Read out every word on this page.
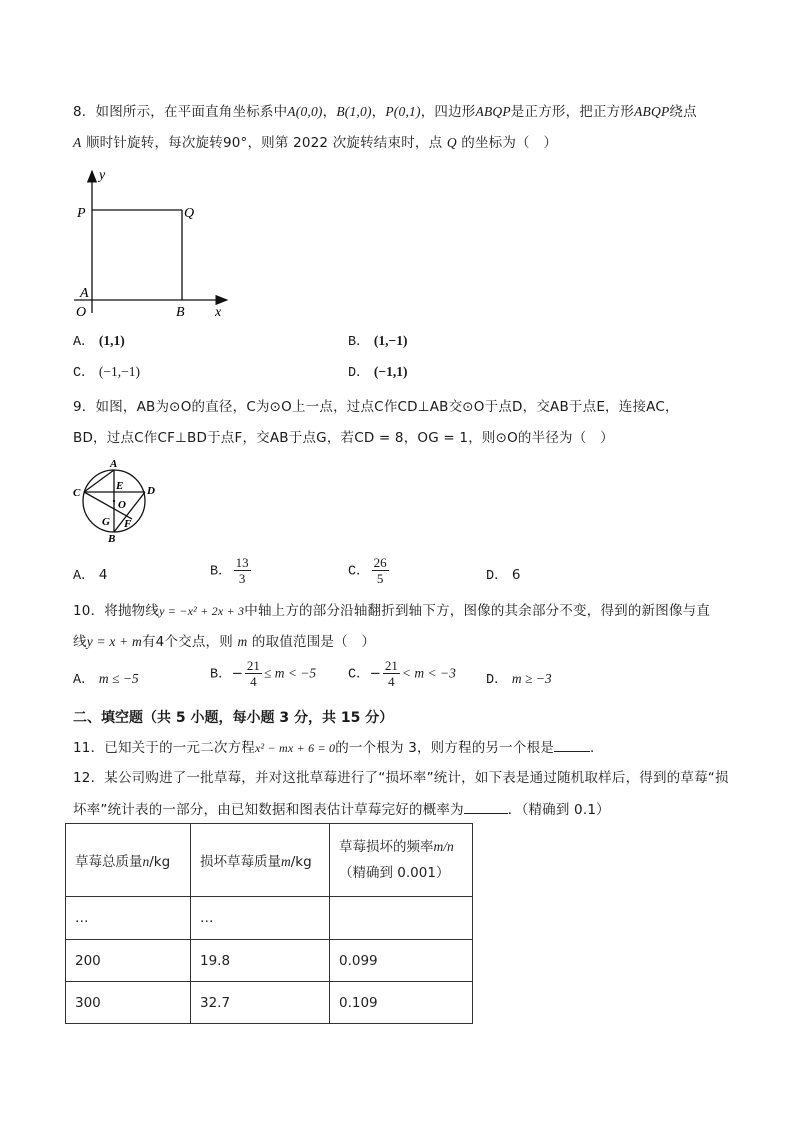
8．如图所示，在平面直角坐标系中A(0,0)，B(1,0)，P(0,1)，四边形ABQP是正方形，把正方形ABQP绕点
A 顺时针旋转，每次旋转90°，则第 2022 次旋转结束时，点 Q 的坐标为（　）
y
P	Q
A
O	B x
A． (1,1)	B． (1,−1)
C． (−1,−1)	D． (−1,1)
9．如图，AB为⊙O的直径，C为⊙O上一点，过点C作CD⊥AB交⊙O于点D，交AB于点E，连接AC，
BD，过点C作CF⊥BD于点F，交AB于点G，若CD = 8，OG = 1，则⊙O的半径为（　）
A
C
E D
O
G F
B
A． 4	B． $\frac{13}{3}$	C． $\frac{26}{5}$	D． 6
10．将抛物线y = −x² + 2x + 3中轴上方的部分沿轴翻折到轴下方，图像的其余部分不变，得到的新图像与直
线y = x + m有4个交点，则 m 的取值范围是（　）
A． m ≤ −5	B．− $\frac{21}{4} \le m < -5$ C．− $\frac{21}{4} < m < -3$ D． m ≥ −3
二、填空题（共 5 小题，每小题 3 分，共 15 分）
11．已知关于的一元二次方程x² − mx + 6 = 0的一个根为 3，则方程的另一个根是	．
12．某公司购进了一批草莓，并对这批草莓进行了“损坏率”统计，如下表是通过随机取样后，得到的草莓“损
坏率”统计表的一部分，由已知数据和图表估计草莓完好的概率为	．（精确到 0.1）
草莓总质量n/kg	损坏草莓质量m/kg	草莓损坏的频率m/n
（精确到 0.001）
…	…	
200	19.8	0.099
300	32.7	0.109
